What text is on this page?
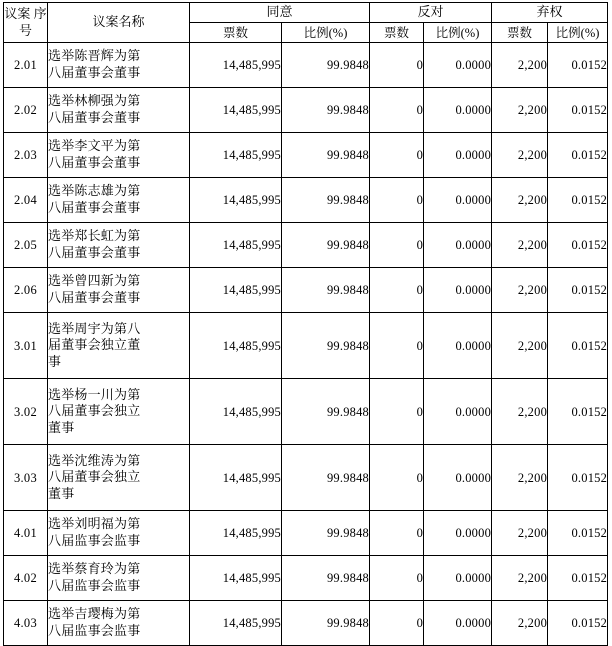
议案 序号	议案名称	同意		反对		弃权	
		票数	比例(%)	票数	比例(%)	票数	比例(%)
2.01	选举陈晋辉为第
八届董事会董事	14,485,995	99.9848	0	0.0000	2,200	0.0152
2.02	选举林柳强为第
八届董事会董事	14,485,995	99.9848	0	0.0000	2,200	0.0152
2.03	选举李文平为第
八届董事会董事	14,485,995	99.9848	0	0.0000	2,200	0.0152
2.04	选举陈志雄为第
八届董事会董事	14,485,995	99.9848	0	0.0000	2,200	0.0152
2.05	选举郑长虹为第
八届董事会董事	14,485,995	99.9848	0	0.0000	2,200	0.0152
2.06	选举曾四新为第
八届董事会董事	14,485,995	99.9848	0	0.0000	2,200	0.0152
3.01	选举周宇为第八
届董事会独立董
事	14,485,995	99.9848	0	0.0000	2,200	0.0152
3.02	选举杨一川为第
八届董事会独立
董事	14,485,995	99.9848	0	0.0000	2,200	0.0152
3.03	选举沈维涛为第
八届董事会独立
董事	14,485,995	99.9848	0	0.0000	2,200	0.0152
4.01	选举刘明福为第
八届监事会监事	14,485,995	99.9848	0	0.0000	2,200	0.0152
4.02	选举蔡育玲为第
八届监事会监事	14,485,995	99.9848	0	0.0000	2,200	0.0152
4.03	选举吉璎梅为第
八届监事会监事	14,485,995	99.9848	0	0.0000	2,200	0.0152
